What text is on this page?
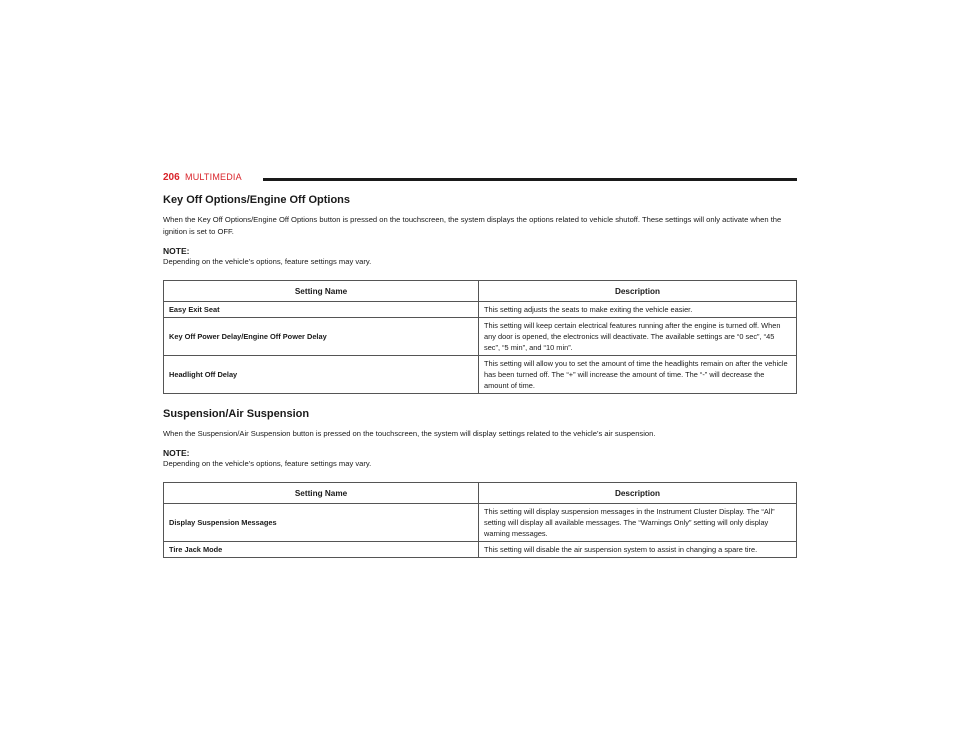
206 MULTIMEDIA
Key Off Options/Engine Off Options

When the Key Off Options/Engine Off Options button is pressed on the touchscreen, the system displays the options related to vehicle shutoff. These settings will only activate when the ignition is set to OFF.

NOTE:

Depending on the vehicle’s options, feature settings may vary.

Setting Name	Description
Easy Exit Seat	This setting adjusts the seats to make exiting the vehicle easier.
Key Off Power Delay/Engine Off Power Delay	This setting will keep certain electrical features running after the engine is turned off. When any door is opened, the electronics will deactivate. The available settings are “0 sec”, “45 sec”, “5 min”, and “10 min”.
Headlight Off Delay	This setting will allow you to set the amount of time the headlights remain on after the vehicle has been turned off. The “+” will increase the amount of time. The “-” will decrease the amount of time.
Suspension/Air Suspension

When the Suspension/Air Suspension button is pressed on the touchscreen, the system will display settings related to the vehicle’s air suspension.

NOTE:

Depending on the vehicle’s options, feature settings may vary.

Setting Name	Description
Display Suspension Messages	This setting will display suspension messages in the Instrument Cluster Display. The “All” setting will display all available messages. The “Warnings Only” setting will only display warning messages.
Tire Jack Mode	This setting will disable the air suspension system to assist in changing a spare tire.
